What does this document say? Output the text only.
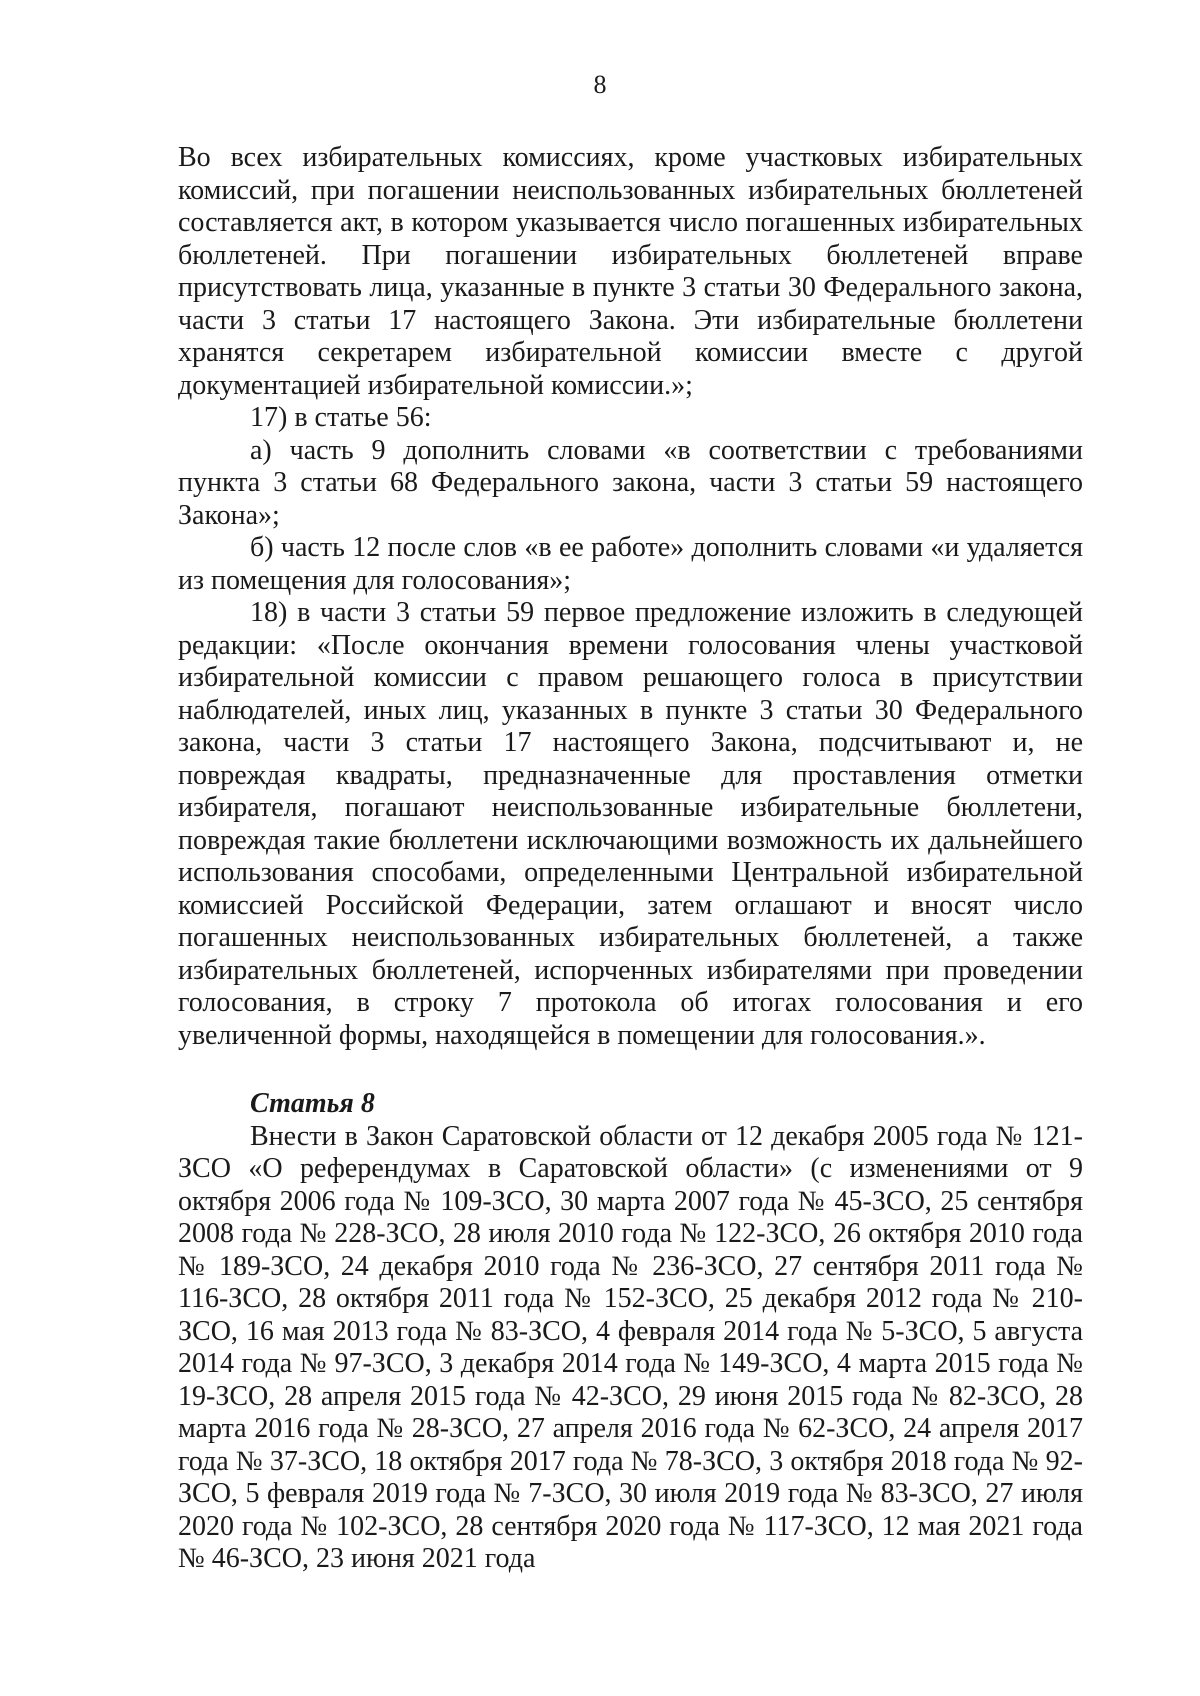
8

Во всех избирательных комиссиях, кроме участковых избирательных комиссий, при погашении неиспользованных избирательных бюллетеней составляется акт, в котором указывается число погашенных избирательных бюллетеней. При погашении избирательных бюллетеней вправе присутствовать лица, указанные в пункте 3 статьи 30 Федерального закона, части 3 статьи 17 настоящего Закона. Эти избирательные бюллетени хранятся секретарем избирательной комиссии вместе с другой документацией избирательной комиссии.»;

17) в статье 56:

а) часть 9 дополнить словами «в соответствии с требованиями пункта 3 статьи 68 Федерального закона, части 3 статьи 59 настоящего Закона»;

б) часть 12 после слов «в ее работе» дополнить словами «и удаляется из помещения для голосования»;

18) в части 3 статьи 59 первое предложение изложить в следующей редакции: «После окончания времени голосования члены участковой избирательной комиссии с правом решающего голоса в присутствии наблюдателей, иных лиц, указанных в пункте 3 статьи 30 Федерального закона, части 3 статьи 17 настоящего Закона, подсчитывают и, не повреждая квадраты, предназначенные для проставления отметки избирателя, погашают неиспользованные избирательные бюллетени, повреждая такие бюллетени исключающими возможность их дальнейшего использования способами, определенными Центральной избирательной комиссией Российской Федерации, затем оглашают и вносят число погашенных неиспользованных избирательных бюллетеней, а также избирательных бюллетеней, испорченных избирателями при проведении голосования, в строку 7 протокола об итогах голосования и его увеличенной формы, находящейся в помещении для голосования.».

Статья 8

Внести в Закон Саратовской области от 12 декабря 2005 года № 121-ЗСО «О референдумах в Саратовской области» (с изменениями от 9 октября 2006 года № 109-ЗСО, 30 марта 2007 года № 45-ЗСО, 25 сентября 2008 года № 228-ЗСО, 28 июля 2010 года № 122-ЗСО, 26 октября 2010 года № 189-ЗСО, 24 декабря 2010 года № 236-ЗСО, 27 сентября 2011 года № 116-ЗСО, 28 октября 2011 года № 152-ЗСО, 25 декабря 2012 года № 210-ЗСО, 16 мая 2013 года № 83-ЗСО, 4 февраля 2014 года № 5-ЗСО, 5 августа 2014 года № 97-ЗСО, 3 декабря 2014 года № 149-ЗСО, 4 марта 2015 года № 19-ЗСО, 28 апреля 2015 года № 42-ЗСО, 29 июня 2015 года № 82-ЗСО, 28 марта 2016 года № 28-ЗСО, 27 апреля 2016 года № 62-ЗСО, 24 апреля 2017 года № 37-ЗСО, 18 октября 2017 года № 78-ЗСО, 3 октября 2018 года № 92-ЗСО, 5 февраля 2019 года № 7-ЗСО, 30 июля 2019 года № 83-ЗСО, 27 июля 2020 года № 102-ЗСО, 28 сентября 2020 года № 117-ЗСО, 12 мая 2021 года № 46-ЗСО, 23 июня 2021 года
